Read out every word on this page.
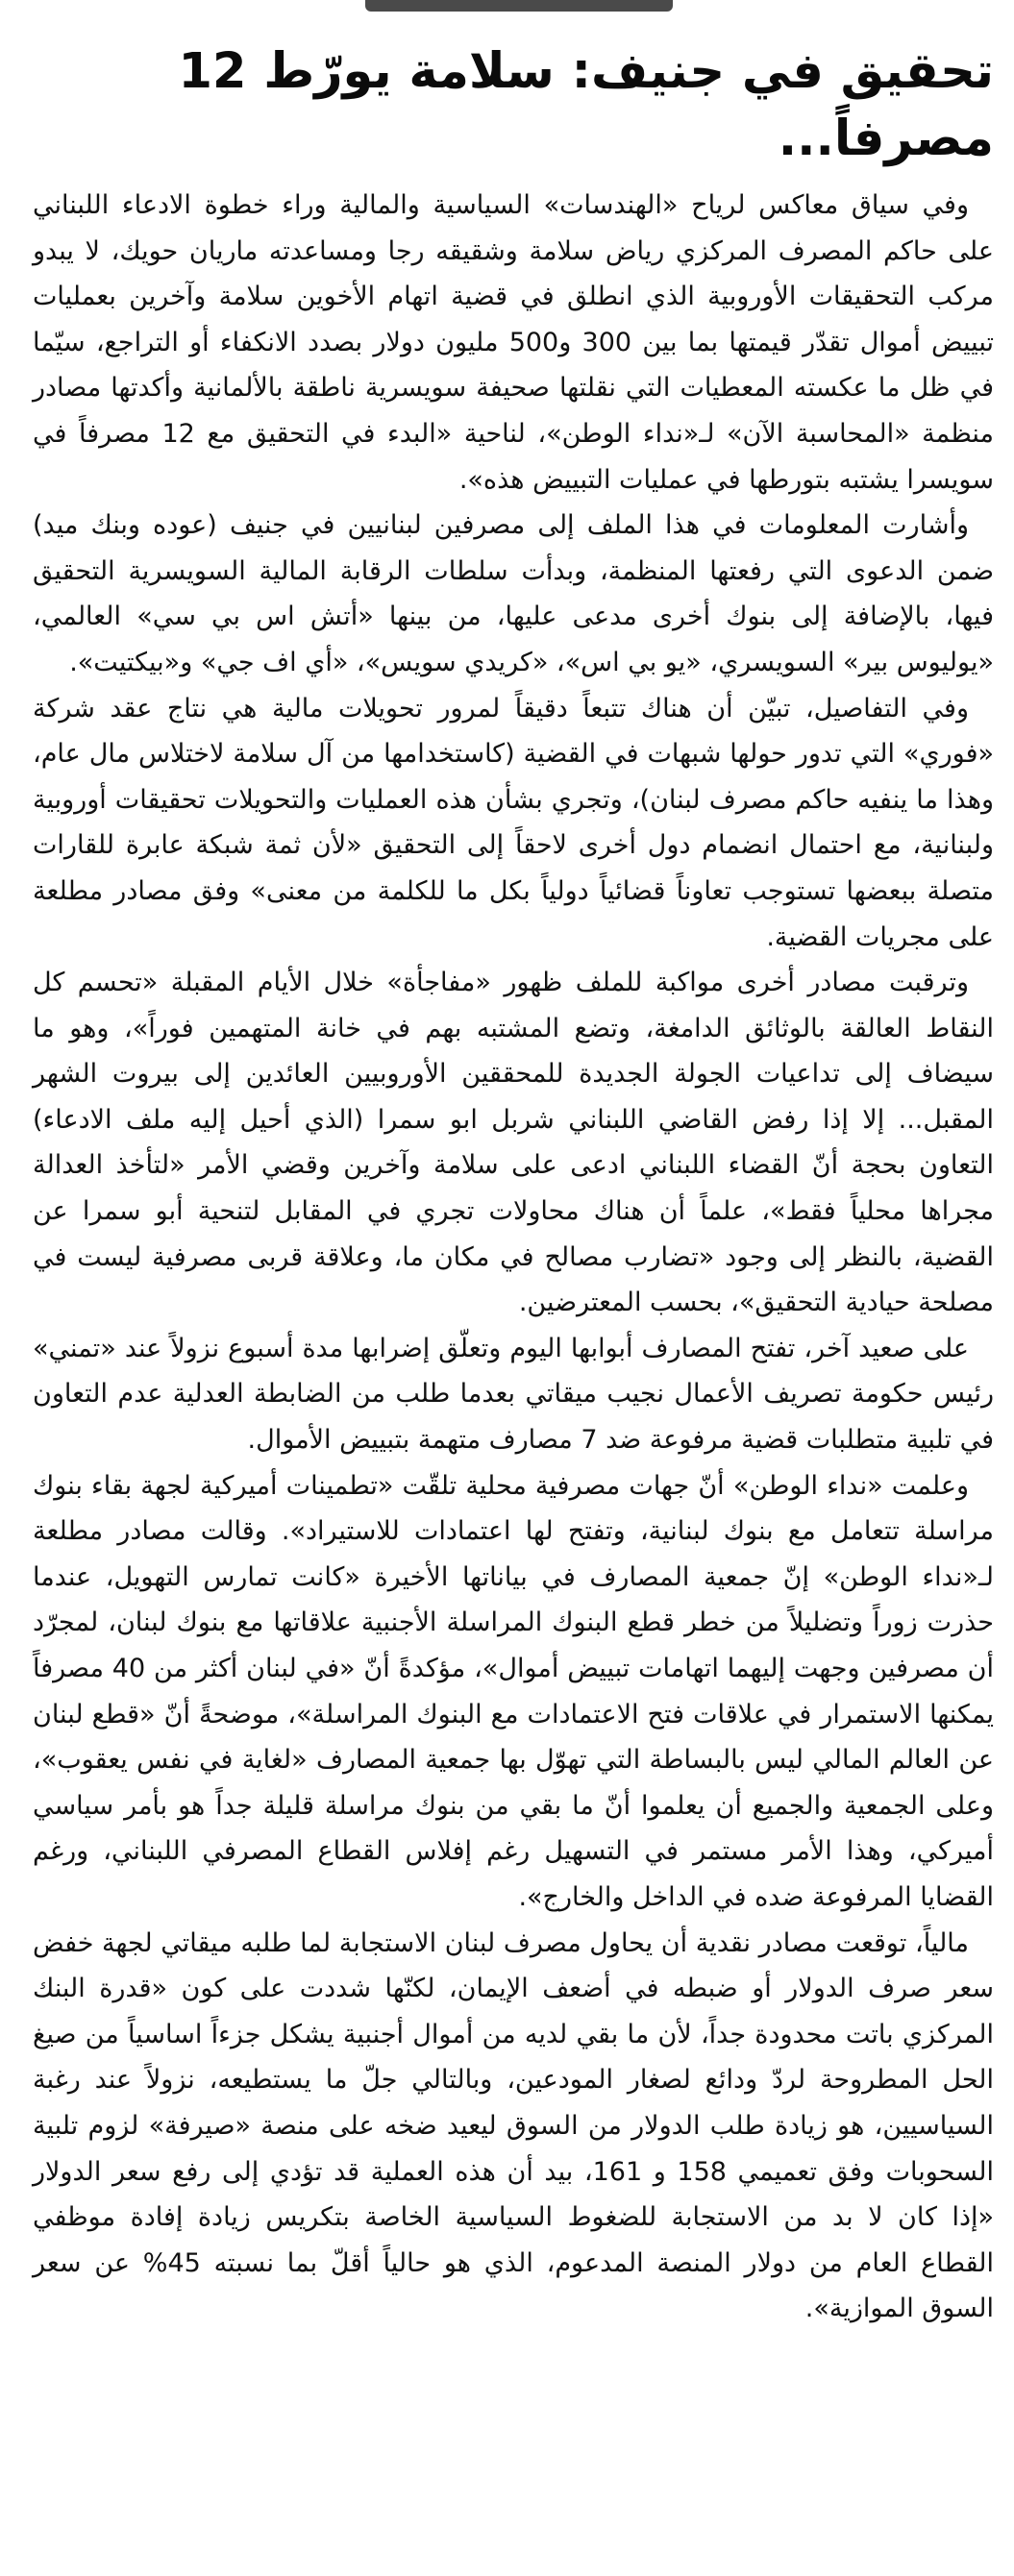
تحقيق في جنيف: سلامة يورّط 12 مصرفاً...

وفي سياق معاكس لرياح «الهندسات» السياسية والمالية وراء خطوة الادعاء اللبناني على حاكم المصرف المركزي رياض سلامة وشقيقه رجا ومساعدته ماريان حويك، لا يبدو مركب التحقيقات الأوروبية الذي انطلق في قضية اتهام الأخوين سلامة وآخرين بعمليات تبييض أموال تقدّر قيمتها بما بين 300 و500 مليون دولار بصدد الانكفاء أو التراجع، سيّما في ظل ما عكسته المعطيات التي نقلتها صحيفة سويسرية ناطقة بالألمانية وأكدتها مصادر منظمة «المحاسبة الآن» لـ«نداء الوطن»، لناحية «البدء في التحقيق مع 12 مصرفاً في سويسرا يشتبه بتورطها في عمليات التبييض هذه».

وأشارت المعلومات في هذا الملف إلى مصرفين لبنانيين في جنيف (عوده وبنك ميد) ضمن الدعوى التي رفعتها المنظمة، وبدأت سلطات الرقابة المالية السويسرية التحقيق فيها، بالإضافة إلى بنوك أخرى مدعى عليها، من بينها «أتش اس بي سي» العالمي، «يوليوس بير» السويسري، «يو بي اس»، «كريدي سويس»، «أي اف جي» و«بيكتيت».

وفي التفاصيل، تبيّن أن هناك تتبعاً دقيقاً لمرور تحويلات مالية هي نتاج عقد شركة «فوري» التي تدور حولها شبهات في القضية (كاستخدامها من آل سلامة لاختلاس مال عام، وهذا ما ينفيه حاكم مصرف لبنان)، وتجري بشأن هذه العمليات والتحويلات تحقيقات أوروبية ولبنانية، مع احتمال انضمام دول أخرى لاحقاً إلى التحقيق «لأن ثمة شبكة عابرة للقارات متصلة ببعضها تستوجب تعاوناً قضائياً دولياً بكل ما للكلمة من معنى» وفق مصادر مطلعة على مجريات القضية.

وترقبت مصادر أخرى مواكبة للملف ظهور «مفاجأة» خلال الأيام المقبلة «تحسم كل النقاط العالقة بالوثائق الدامغة، وتضع المشتبه بهم في خانة المتهمين فوراً»، وهو ما سيضاف إلى تداعيات الجولة الجديدة للمحققين الأوروبيين العائدين إلى بيروت الشهر المقبل... إلا إذا رفض القاضي اللبناني شربل ابو سمرا (الذي أحيل إليه ملف الادعاء) التعاون بحجة أنّ القضاء اللبناني ادعى على سلامة وآخرين وقضي الأمر «لتأخذ العدالة مجراها محلياً فقط»، علماً أن هناك محاولات تجري في المقابل لتنحية أبو سمرا عن القضية، بالنظر إلى وجود «تضارب مصالح في مكان ما، وعلاقة قربى مصرفية ليست في مصلحة حيادية التحقيق»، بحسب المعترضين.

على صعيد آخر، تفتح المصارف أبوابها اليوم وتعلّق إضرابها مدة أسبوع نزولاً عند «تمني» رئيس حكومة تصريف الأعمال نجيب ميقاتي بعدما طلب من الضابطة العدلية عدم التعاون في تلبية متطلبات قضية مرفوعة ضد 7 مصارف متهمة بتبييض الأموال.

وعلمت «نداء الوطن» أنّ جهات مصرفية محلية تلقّت «تطمينات أميركية لجهة بقاء بنوك مراسلة تتعامل مع بنوك لبنانية، وتفتح لها اعتمادات للاستيراد». وقالت مصادر مطلعة لـ«نداء الوطن» إنّ جمعية المصارف في بياناتها الأخيرة «كانت تمارس التهويل، عندما حذرت زوراً وتضليلاً من خطر قطع البنوك المراسلة الأجنبية علاقاتها مع بنوك لبنان، لمجرّد أن مصرفين وجهت إليهما اتهامات تبييض أموال»، مؤكدةً أنّ «في لبنان أكثر من 40 مصرفاً يمكنها الاستمرار في علاقات فتح الاعتمادات مع البنوك المراسلة»، موضحةً أنّ «قطع لبنان عن العالم المالي ليس بالبساطة التي تهوّل بها جمعية المصارف «لغاية في نفس يعقوب»، وعلى الجمعية والجميع أن يعلموا أنّ ما بقي من بنوك مراسلة قليلة جداً هو بأمر سياسي أميركي، وهذا الأمر مستمر في التسهيل رغم إفلاس القطاع المصرفي اللبناني، ورغم القضايا المرفوعة ضده في الداخل والخارج».

مالياً، توقعت مصادر نقدية أن يحاول مصرف لبنان الاستجابة لما طلبه ميقاتي لجهة خفض سعر صرف الدولار أو ضبطه في أضعف الإيمان، لكنّها شددت على كون «قدرة البنك المركزي باتت محدودة جداً، لأن ما بقي لديه من أموال أجنبية يشكل جزءاً اساسياً من صيغ الحل المطروحة لردّ ودائع لصغار المودعين، وبالتالي جلّ ما يستطيعه، نزولاً عند رغبة السياسيين، هو زيادة طلب الدولار من السوق ليعيد ضخه على منصة «صيرفة» لزوم تلبية السحوبات وفق تعميمي 158 و 161، بيد أن هذه العملية قد تؤدي إلى رفع سعر الدولار «إذا كان لا بد من الاستجابة للضغوط السياسية الخاصة بتكريس زيادة إفادة موظفي القطاع العام من دولار المنصة المدعوم، الذي هو حالياً أقلّ بما نسبته 45% عن سعر السوق الموازية».
